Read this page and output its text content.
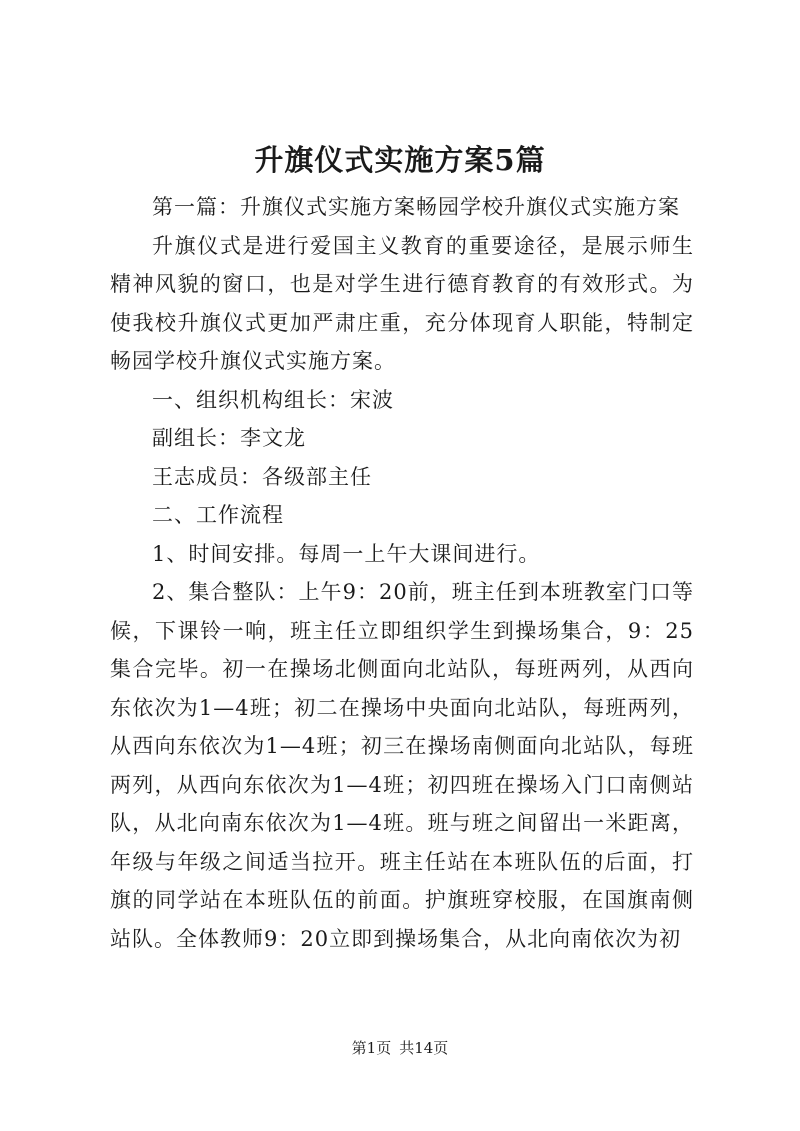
升旗仪式实施方案5篇

第一篇：升旗仪式实施方案畅园学校升旗仪式实施方案

升旗仪式是进行爱国主义教育的重要途径，是展示师生精神风貌的窗口，也是对学生进行德育教育的有效形式。为使我校升旗仪式更加严肃庄重，充分体现育人职能，特制定畅园学校升旗仪式实施方案。

一、组织机构组长：宋波

副组长：李文龙

王志成员：各级部主任

二、工作流程

1、时间安排。每周一上午大课间进行。

2、集合整队：上午9：20前，班主任到本班教室门口等候，下课铃一响，班主任立即组织学生到操场集合，9：25集合完毕。初一在操场北侧面向北站队，每班两列，从西向东依次为1—4班；初二在操场中央面向北站队，每班两列，从西向东依次为1—4班；初三在操场南侧面向北站队，每班两列，从西向东依次为1—4班；初四班在操场入门口南侧站队，从北向南东依次为1—4班。班与班之间留出一米距离，年级与年级之间适当拉开。班主任站在本班队伍的后面，打旗的同学站在本班队伍的前面。护旗班穿校服，在国旗南侧站队。全体教师9：20立即到操场集合，从北向南依次为初

第1页 共14页
